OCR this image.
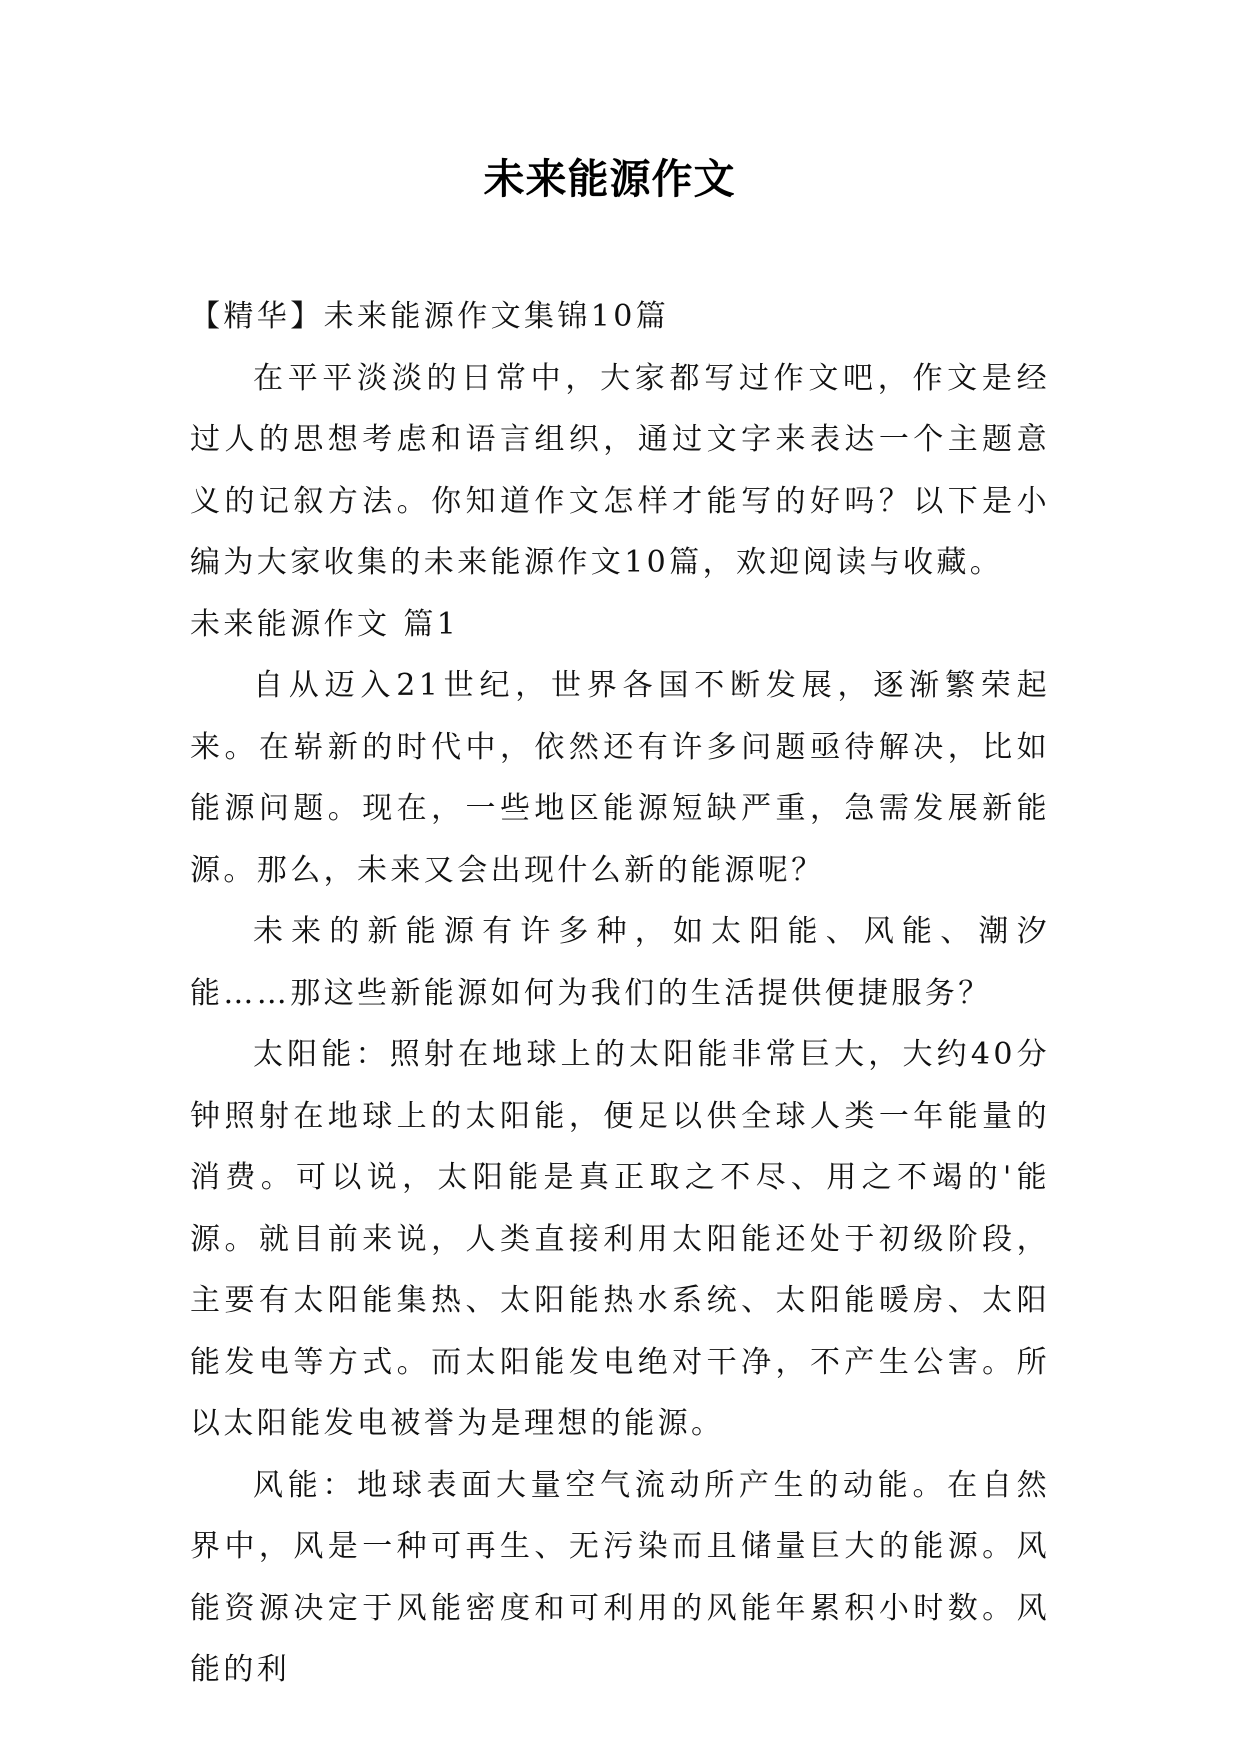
未来能源作文

【精华】未来能源作文集锦10篇

在平平淡淡的日常中，大家都写过作文吧，作文是经过人的思想考虑和语言组织，通过文字来表达一个主题意义的记叙方法。你知道作文怎样才能写的好吗？以下是小编为大家收集的未来能源作文10篇，欢迎阅读与收藏。

未来能源作文 篇1

自从迈入21世纪，世界各国不断发展，逐渐繁荣起来。在崭新的时代中，依然还有许多问题亟待解决，比如能源问题。现在，一些地区能源短缺严重，急需发展新能源。那么，未来又会出现什么新的能源呢？

未来的新能源有许多种，如太阳能、风能、潮汐能……那这些新能源如何为我们的生活提供便捷服务？

太阳能：照射在地球上的太阳能非常巨大，大约40分钟照射在地球上的太阳能，便足以供全球人类一年能量的消费。可以说，太阳能是真正取之不尽、用之不竭的'能源。就目前来说，人类直接利用太阳能还处于初级阶段，主要有太阳能集热、太阳能热水系统、太阳能暖房、太阳能发电等方式。而太阳能发电绝对干净，不产生公害。所以太阳能发电被誉为是理想的能源。

风能：地球表面大量空气流动所产生的动能。在自然界中，风是一种可再生、无污染而且储量巨大的能源。风能资源决定于风能密度和可利用的风能年累积小时数。风能的利
